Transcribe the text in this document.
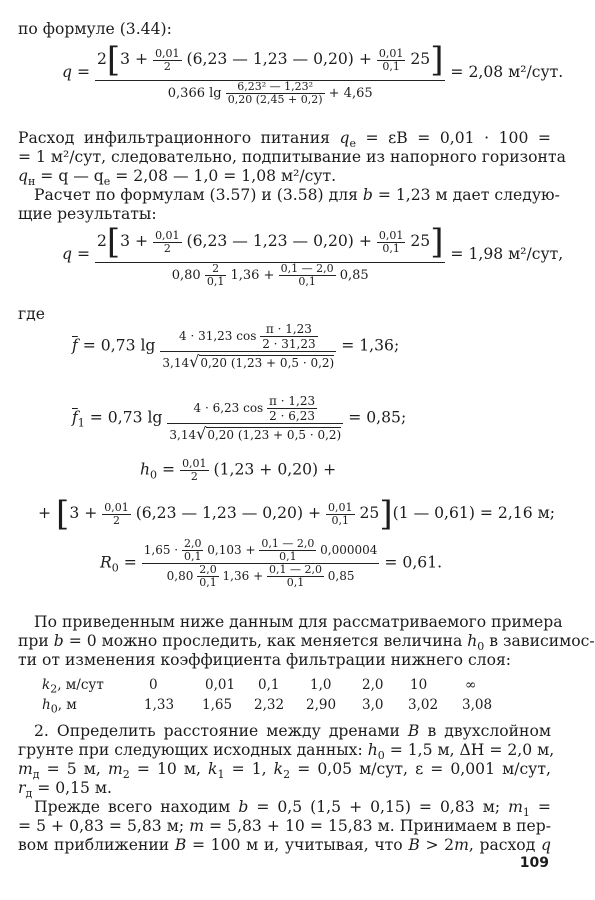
по формуле (3.44):
q =
$2[3 + \frac{0,01}{2} (6,23$ — 1,23 — $0,20) + \frac{0,01}{0,1} 25$]
0,366 $\lg \frac{\text{6,23² — 1,23²}}{0,20 (2,45 + 0,2)} + 4,65$
= 2,08 м²/сут.
Расход инфильтрационного питания $q_e = \varepsilon B = 0,01 \cdot 100$ =
= 1 м²/сут, следовательно, подпитывание из напорного горизонта
$q_н = q$ — $q_e = 2,08$ — 1,0 = 1,08 м²/сут.
Расчет по формулам (3.57) и (3.58) для b = 1,23 м дает следую-
щие результаты:
q =
$2[3 + \frac{0,01}{2} (6,23$ — 1,23 — $0,20) + \frac{0,01}{0,1} 25$]
$0,80 \frac{2}{0,1} 1,36 + \frac{0,1 — 2,0}{0,1} 0,85$
= 1,98 м²/сут,
где
$\overline{f} = 0,73$ $\lg \frac{4 \cdot 31,23 \cos \frac{\pi \cdot 1,23}{2 \cdot 31,23}}{3,14√0,20 (1,23 + 0,5 \cdot 0,2)} = 1,36$;
$\overline{f}_1 = 0,73$ $\lg \frac{4 \cdot 6,23 \cos \frac{\pi \cdot 1,23}{2 \cdot 6,23}}{3,14√0,20 (1,23 + 0,5 \cdot 0,2)} = 0,85$;
$h_0 = \frac{0,01}{2} (1,23 + 0,20)$ +
+ [$3 + \frac{0,01}{2} (6,23$ — 1,23 — $0,20) + \frac{0,01}{0,1} 25](1$ — 0,61) = 2,16 м;
$R_0$ =
$1,65 \cdot \frac{2,0}{0,1} 0,103 + \frac{0,1 — 2,0}{0,1} 0,000004$
$0,80 \frac{2,0}{0,1} 1,36 + \frac{0,1 — 2,0}{0,1} 0,85$
= 0,61.
По приведенным ниже данным для рассматриваемого примера
при b = 0 можно проследить, как меняется величина $h_0$ в зависимос-
ти от изменения коэффициента фильтрации нижнего слоя:
$k_2$, м/сут	0	0,01 0,1 1,0 2,0 10	∞
$h_0$, м	1,33 1,65 2,32 2,90 3,0 3,02 3,08
2. Определить расстояние между дренами B в двухслойном
грунте при следующих исходных данных: $h_0 = 1,5$ м, ΔH = 2,0 м,
$m_д = 5$ м, $m_2 = 10$ м, $k_1 = 1$, $k_2 = 0,05$ м/сут, ε = 0,001 м/сут,
$r_д = 0,15$ м.
Прежде всего находим b = 0,5 (1,5 + 0,15) = 0,83 м; $m_1$ =
= 5 + 0,83 = 5,83 м; m = 5,83 + 10 = 15,83 м. Принимаем в пер-
вом приближении B = 100 м и, учитывая, что B > 2m, расход q
109
